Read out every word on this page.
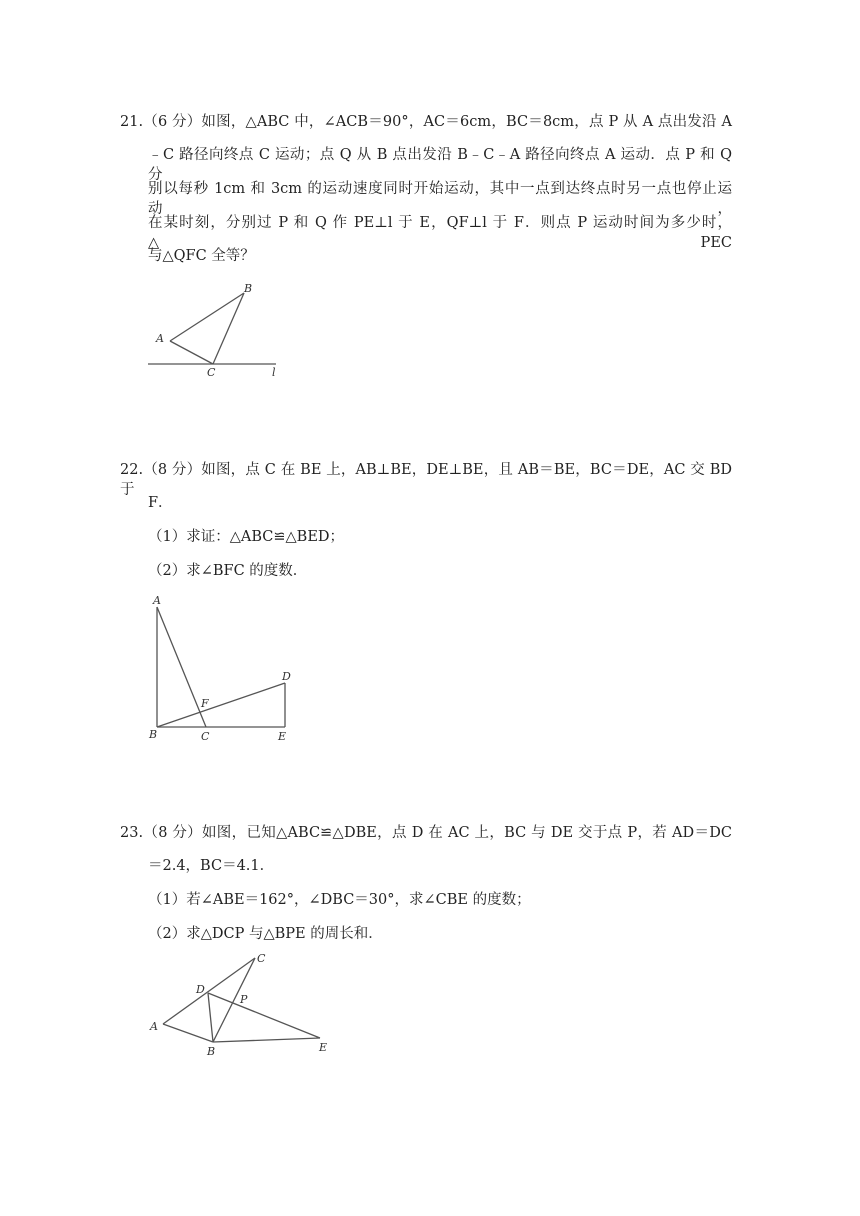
21.（6 分）如图，△ABC 中，∠ACB＝90°，AC＝6cm，BC＝8cm，点 P 从 A 点出发沿 A
﹣C 路径向终点 C 运动；点 Q 从 B 点出发沿 B﹣C﹣A 路径向终点 A 运动．点 P 和 Q 分
别以每秒 1cm 和 3cm 的运动速度同时开始运动，其中一点到达终点时另一点也停止运动，
在某时刻，分别过 P 和 Q 作 PE⊥l 于 E，QF⊥l 于 F．则点 P 运动时间为多少时，△PEC
与△QFC 全等？
A
B
C	l
22.（8 分）如图，点 C 在 BE 上，AB⊥BE，DE⊥BE，且 AB＝BE，BC＝DE，AC 交 BD 于
F．
（1）求证：△ABC≌△BED；
（2）求∠BFC 的度数．
A
D
F
B	C	E
23.（8 分）如图，已知△ABC≌△DBE，点 D 在 AC 上，BC 与 DE 交于点 P，若 AD＝DC
＝2.4，BC＝4.1．
（1）若∠ABE＝162°，∠DBC＝30°，求∠CBE 的度数；
（2）求△DCP 与△BPE 的周长和．
C
D
P
A
B	E
